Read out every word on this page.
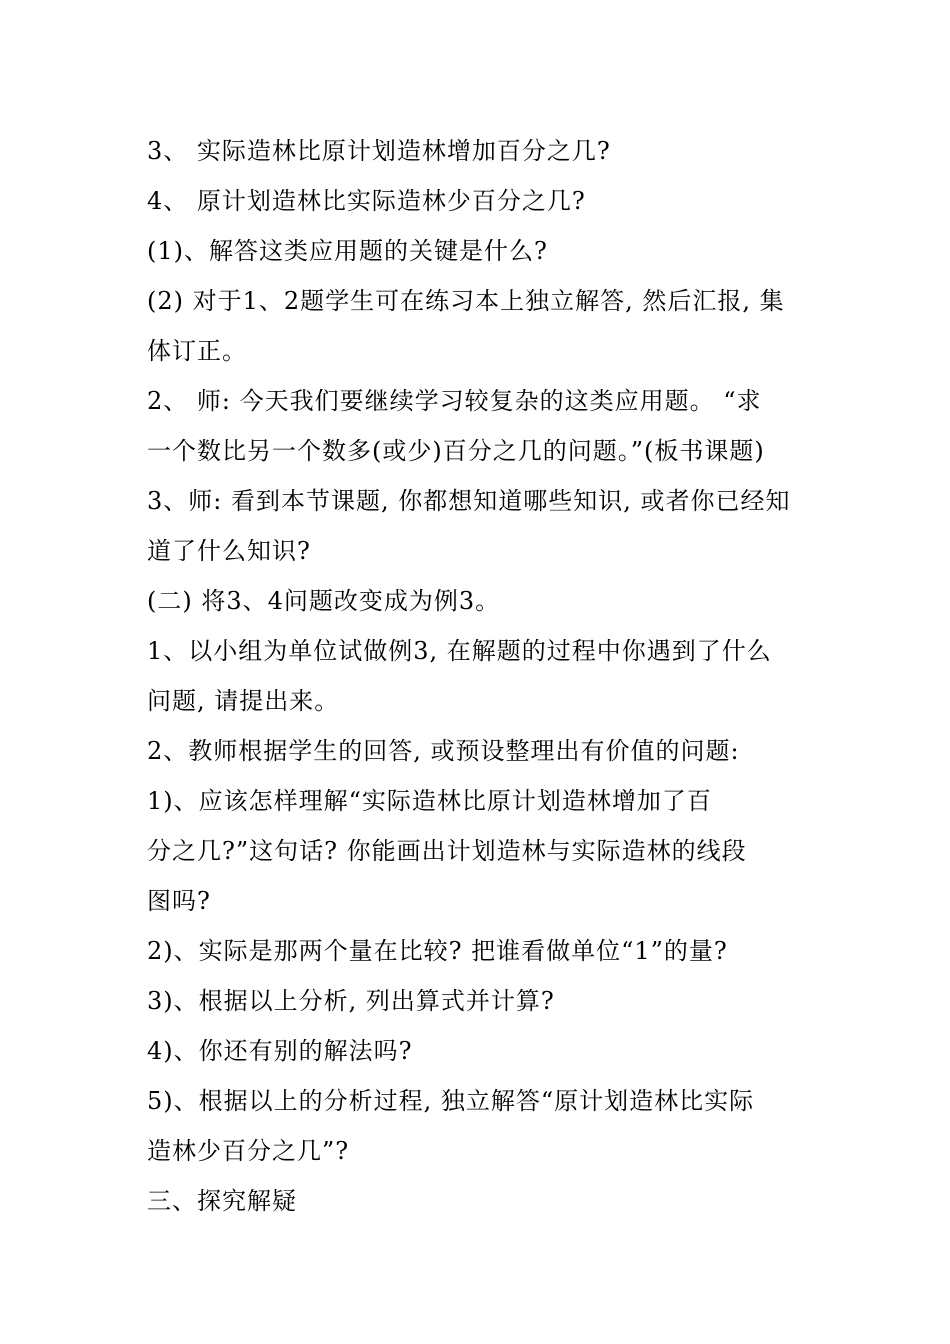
3、 实际造林比原计划造林增加百分之几?
4、 原计划造林比实际造林少百分之几?
(1)、解答这类应用题的关键是什么?
(2) 对于1、2题学生可在练习本上独立解答, 然后汇报, 集
体订正。
2、 师: 今天我们要继续学习较复杂的这类应用题。 “求
一个数比另一个数多(或少)百分之几的问题。”(板书课题)
3、师: 看到本节课题, 你都想知道哪些知识, 或者你已经知
道了什么知识?
(二) 将3、4问题改变成为例3。
1、以小组为单位试做例3, 在解题的过程中你遇到了什么
问题, 请提出来。
2、教师根据学生的回答, 或预设整理出有价值的问题:
1)、应该怎样理解“实际造林比原计划造林增加了百
分之几?”这句话? 你能画出计划造林与实际造林的线段
图吗?
2)、实际是那两个量在比较? 把谁看做单位“1”的量?
3)、根据以上分析, 列出算式并计算?
4)、你还有别的解法吗?
5)、根据以上的分析过程, 独立解答“原计划造林比实际
造林少百分之几”?
三、探究解疑
